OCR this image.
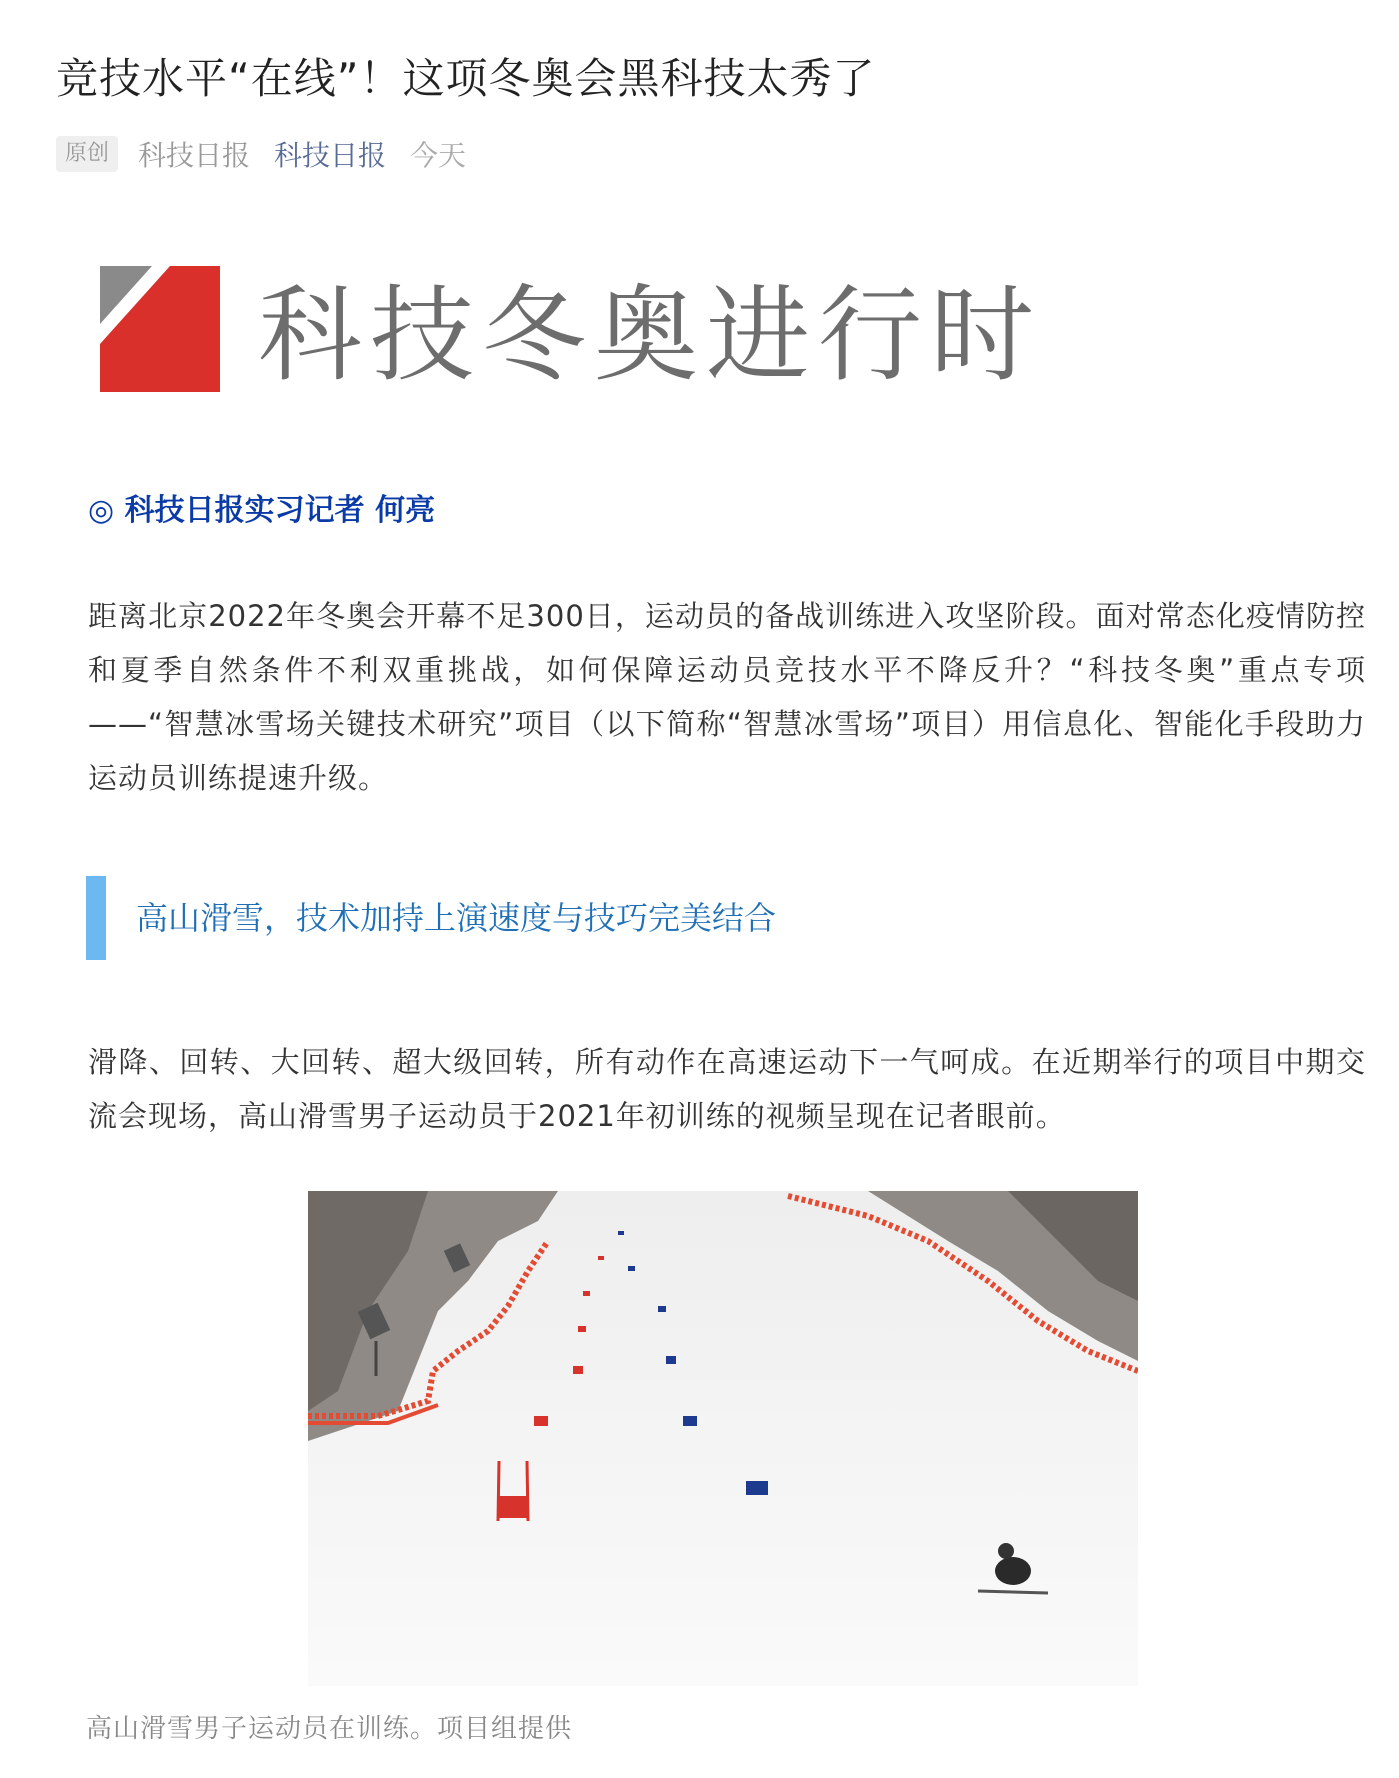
竞技水平“在线”！这项冬奥会黑科技太秀了
原创	科技日报 科技日报 今天
科技冬奥进行时
◎ 科技日报实习记者 何亮

距离北京2022年冬奥会开幕不足300日，运动员的备战训练进入攻坚阶段。面对常态化疫情防控和夏季自然条件不利双重挑战，如何保障运动员竞技水平不降反升？“科技冬奥”重点专项——“智慧冰雪场关键技术研究”项目（以下简称“智慧冰雪场”项目）用信息化、智能化手段助力运动员训练提速升级。

高山滑雪，技术加持上演速度与技巧完美结合

滑降、回转、大回转、超大级回转，所有动作在高速运动下一气呵成。在近期举行的项目中期交流会现场，高山滑雪男子运动员于2021年初训练的视频呈现在记者眼前。

高山滑雪男子运动员在训练。项目组提供
